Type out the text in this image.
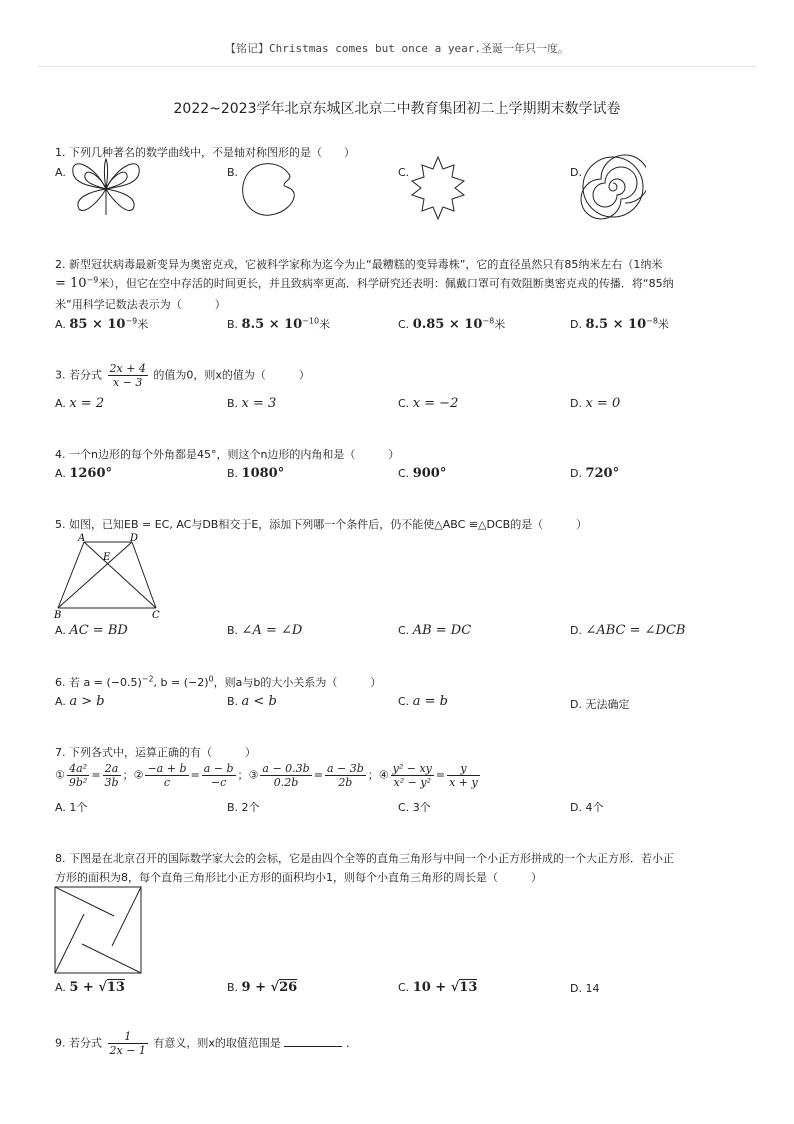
【铭记】Christmas comes but once a year.圣诞一年只一度。
2022~2023学年北京东城区北京二中教育集团初二上学期期末数学试卷
1. 下列几种著名的数学曲线中，不是轴对称图形的是（　　）
A.	B.	C.	D.
2. 新型冠状病毒最新变异为奥密克戎，它被科学家称为迄今为止“最糟糕的变异毒株”，它的直径虽然只有85纳米左右（1纳米
= $10^{-9}$米），但它在空中存活的时间更长，并且致病率更高．科学研究还表明：佩戴口罩可有效阻断奥密克戎的传播．将“85纳
米”用科学记数法表示为（　　　）
A. $85 \times 10^{-9}$米	B. $8.5 \times 10^{-10}$米	C. $0.85 \times 10^{-8}$米	D. $8.5 \times 10^{-8}$米
3. 若分式 $\frac{2x + 4}{x - 3}$ 的值为0，则x的值为（　　　）
A. x = 2	B. x = 3	C. x = −2	D. x = 0
4. 一个n边形的每个外角都是45°，则这个n边形的内角和是（　　　）
A. 1260°	B. 1080°	C. 900°	D. 720°
5. 如图，已知EB = EC, AC与DB相交于E，添加下列哪一个条件后，仍不能使△ABC ≌△DCB的是（　　　）
A	D
E
B	C
A. AC = BD	B. ∠A = ∠D	C. AB = DC	D. ∠ABC = ∠DCB
6. 若 $a = (-0.5)^{-2}$, $b = (-2)^0$，则a与b的大小关系为（　　　）
A. a > b	B. a < b	C. a = b	D. 无法确定
7. 下列各式中，运算正确的有（　　　）
① $\frac{\text{4a²}}{\text{9b²}} = \frac{2a}{3b}$ ；② $\frac{-a + b}{c} = \frac{a - b}{-c}$ ；③ $\frac{a - 0.3b}{0.2b} = \frac{a - 3b}{2b}$ ；④ $\frac{\text{y² − xy}}{\text{x² − y²}} = \frac{y}{x + y}$
A. 1个	B. 2个	C. 3个	D. 4个
8. 下图是在北京召开的国际数学家大会的会标，它是由四个全等的直角三角形与中间一个小正方形拼成的一个大正方形．若小正
方形的面积为8，每个直角三角形比小正方形的面积均小1，则每个小直角三角形的周长是（　　　）
A. 5 + √13	B. 9 + √26	C. 10 + √13	D. 14
9. 若分式 $\frac{1}{2x - 1}$ 有意义，则x的取值范围是	．
